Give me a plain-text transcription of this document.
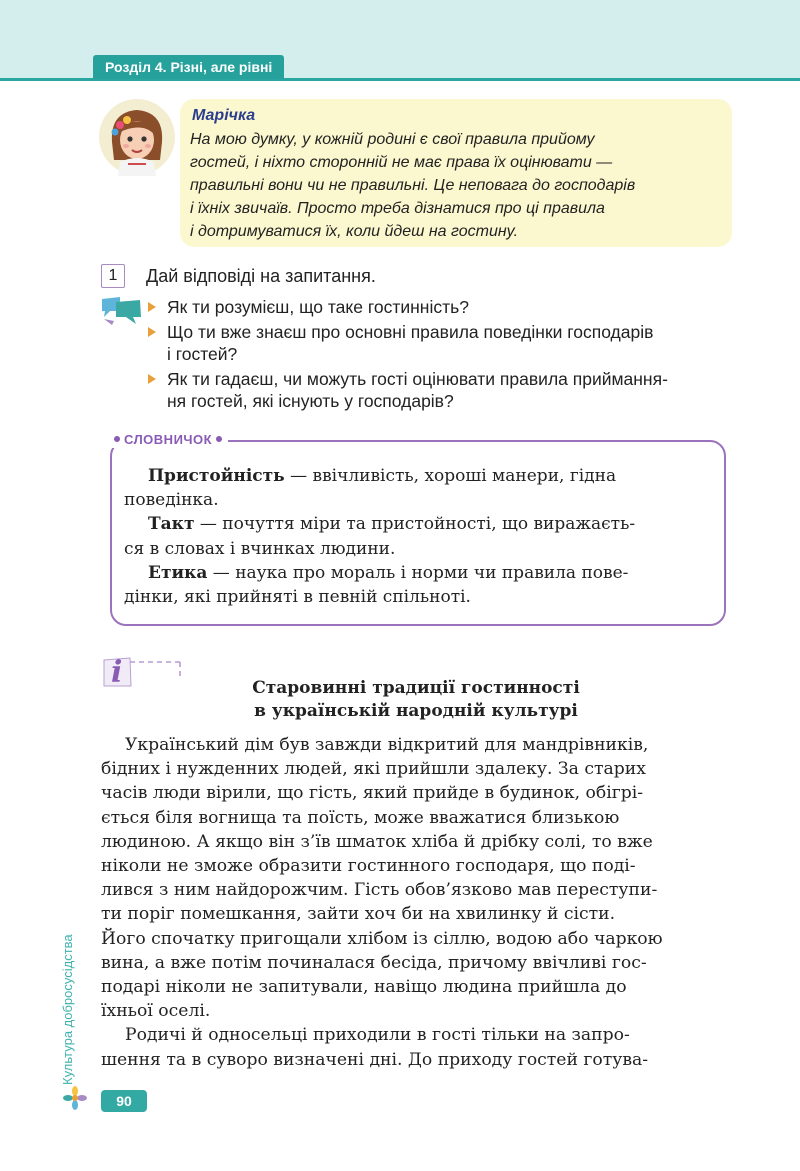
Розділ 4. Різні, але рівні
Марічка
На мою думку, у кожній родині є свої правила прийому
гостей, і ніхто сторонній не має права їх оцінювати —
правильні вони чи не правильні. Це неповага до господарів
і їхніх звичаїв. Просто треба дізнатися про ці правила
і дотримуватися їх, коли йдеш на гостину.
1	Дай відповіді на запитання.
Як ти розумієш, що таке гостинність?
Що ти вже знаєш про основні правила поведінки господарів
і гостей?
Як ти гадаєш, чи можуть гості оцінювати правила приймання-
ня гостей, які існують у господарів?
СЛОВНИЧОК
Пристойність — ввічливість, хороші манери, гідна
поведінка.
Такт — почуття міри та пристойності, що виражаєть-
ся в словах і вчинках людини.
Етика — наука про мораль і норми чи правила пове-
дінки, які прийняті в певній спільноті.
i	Старовинні традиції гостинності
в українській народній культурі
Український дім був завжди відкритий для мандрівників,
бідних і нужденних людей, які прийшли здалеку. За старих
часів люди вірили, що гість, який прийде в будинок, обігрі-
ється біля вогнища та поїсть, може вважатися близькою
людиною. А якщо він з’їв шматок хліба й дрібку солі, то вже
ніколи не зможе образити гостинного господаря, що поді-
лився з ним найдорожчим. Гість обов’язково мав переступи-
ти поріг помешкання, зайти хоч би на хвилинку й сісти.
Його спочатку пригощали хлібом із сіллю, водою або чаркою
вина, а вже потім починалася бесіда, причому ввічливі гос-
подарі ніколи не запитували, навіщо людина прийшла до
їхньої оселі.
Родичі й односельці приходили в гості тільки на запро-
шення та в суворо визначені дні. До приходу гостей готува-
Культура добросусідства
90
